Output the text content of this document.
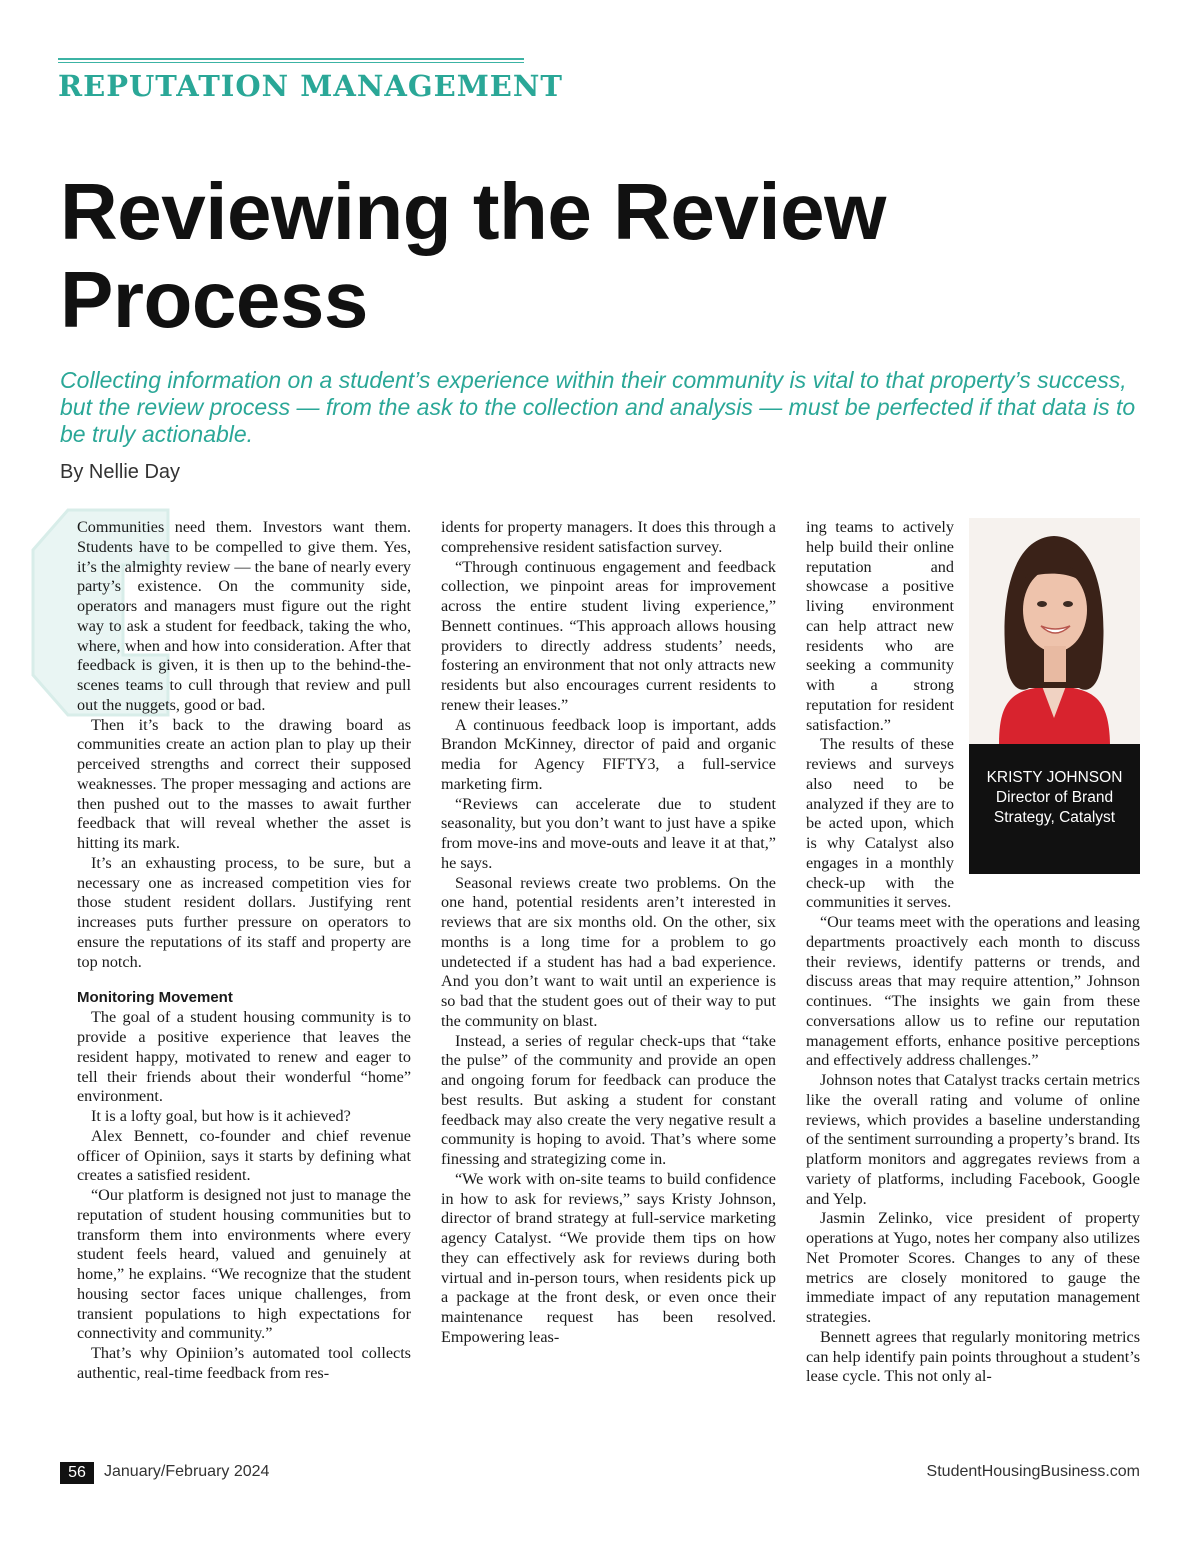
REPUTATION MANAGEMENT
Reviewing the Review Process

Collecting information on a student’s experience within their community is vital to that property’s success, but the review process — from the ask to the collection and analysis — must be perfected if that data is to be truly actionable.

By Nellie Day

Communities need them. Investors want them. Students have to be compelled to give them. Yes, it’s the almighty review — the bane of nearly every party’s existence. On the community side, operators and managers must figure out the right way to ask a student for feedback, taking the who, where, when and how into consideration. After that feedback is given, it is then up to the behind-the-scenes teams to cull through that review and pull out the nuggets, good or bad.

Then it’s back to the drawing board as communities create an action plan to play up their perceived strengths and correct their supposed weaknesses. The proper messaging and actions are then pushed out to the masses to await further feedback that will reveal whether the asset is hitting its mark.

It’s an exhausting process, to be sure, but a necessary one as increased competition vies for those student resident dollars. Justifying rent increases puts further pressure on operators to ensure the reputations of its staff and property are top notch.

Monitoring Movement

The goal of a student housing community is to provide a positive experience that leaves the resident happy, motivated to renew and eager to tell their friends about their wonderful “home” environment.

It is a lofty goal, but how is it achieved?

Alex Bennett, co-founder and chief revenue officer of Opiniion, says it starts by defining what creates a satisfied resident.

“Our platform is designed not just to manage the reputation of student housing communities but to transform them into environments where every student feels heard, valued and genuinely at home,” he explains. “We recognize that the student housing sector faces unique challenges, from transient populations to high expectations for connectivity and community.”

That’s why Opiniion’s automated tool collects authentic, real-time feedback from res-

idents for property managers. It does this through a comprehensive resident satisfaction survey.

“Through continuous engagement and feedback collection, we pinpoint areas for improvement across the entire student living experience,” Bennett continues. “This approach allows housing providers to directly address students’ needs, fostering an environment that not only attracts new residents but also encourages current residents to renew their leases.”

A continuous feedback loop is important, adds Brandon McKinney, director of paid and organic media for Agency FIFTY3, a full-service marketing firm.

“Reviews can accelerate due to student seasonality, but you don’t want to just have a spike from move-ins and move-outs and leave it at that,” he says.

Seasonal reviews create two problems. On the one hand, potential residents aren’t interested in reviews that are six months old. On the other, six months is a long time for a problem to go undetected if a student has had a bad experience. And you don’t want to wait until an experience is so bad that the student goes out of their way to put the community on blast.

Instead, a series of regular check-ups that “take the pulse” of the community and provide an open and ongoing forum for feedback can produce the best results. But asking a student for constant feedback may also create the very negative result a community is hoping to avoid. That’s where some finessing and strategizing come in.

“We work with on-site teams to build confidence in how to ask for reviews,” says Kristy Johnson, director of brand strategy at full-service marketing agency Catalyst. “We provide them tips on how they can effectively ask for reviews during both virtual and in-person tours, when residents pick up a package at the front desk, or even once their maintenance request has been resolved. Empowering leas-

ing teams to actively help build their online reputation and showcase a positive living environment can help attract new residents who are seeking a community with a strong reputation for resident satisfaction.”

The results of these reviews and surveys also need to be analyzed if they are to be acted upon, which is why Catalyst also engages in a monthly check-up with the communities it serves.

“Our teams meet with the operations and leasing departments proactively each month to discuss their reviews, identify patterns or trends, and discuss areas that may require attention,” Johnson continues. “The insights we gain from these conversations allow us to refine our reputation management efforts, enhance positive perceptions and effectively address challenges.”

Johnson notes that Catalyst tracks certain metrics like the overall rating and volume of online reviews, which provides a baseline understanding of the sentiment surrounding a property’s brand. Its platform monitors and aggregates reviews from a variety of platforms, including Facebook, Google and Yelp.

Jasmin Zelinko, vice president of property operations at Yugo, notes her company also utilizes Net Promoter Scores. Changes to any of these metrics are closely monitored to gauge the immediate impact of any reputation management strategies.

Bennett agrees that regularly monitoring metrics can help identify pain points throughout a student’s lease cycle. This not only al-

KRISTY JOHNSON
Director of Brand Strategy, Catalyst
56	January/February 2024	StudentHousingBusiness.com
